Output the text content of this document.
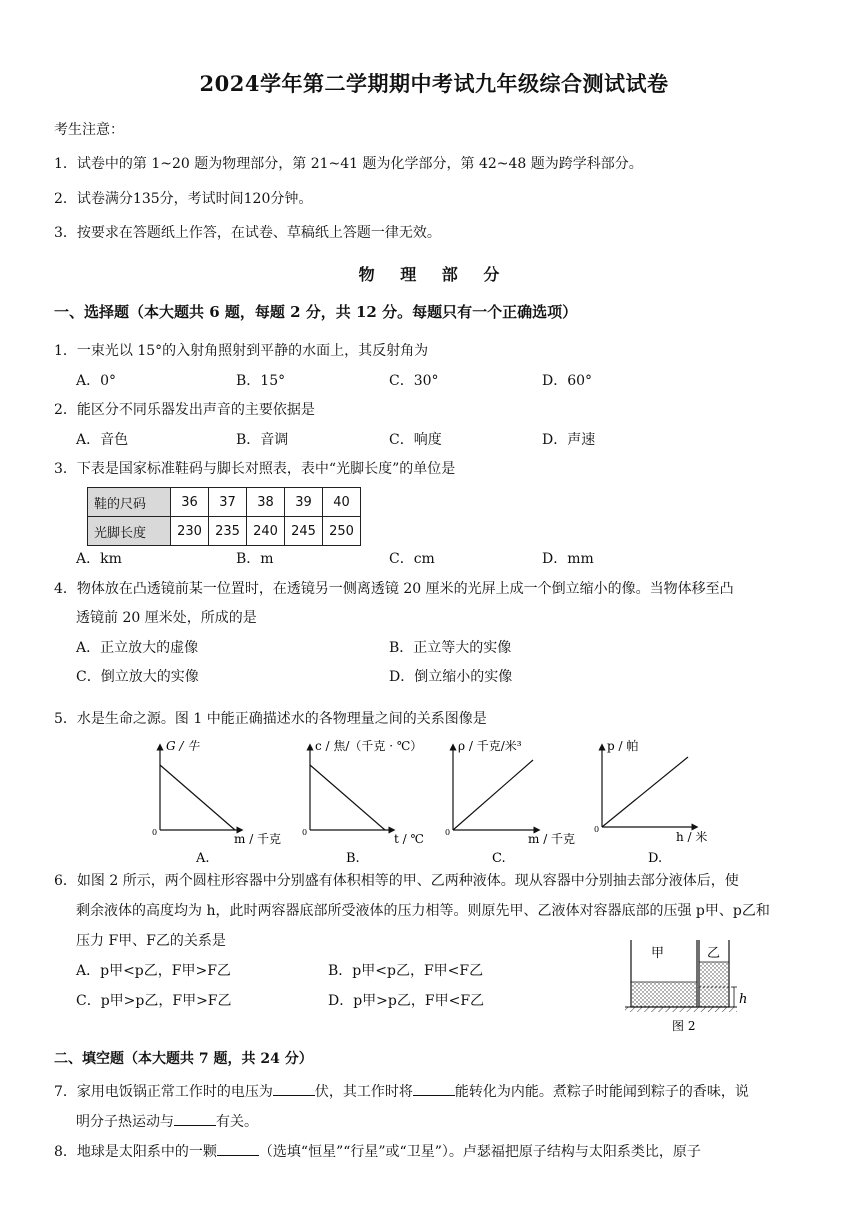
2024学年第二学期期中考试九年级综合测试试卷
考生注意：
1．试卷中的第 1~20 题为物理部分，第 21~41 题为化学部分，第 42~48 题为跨学科部分。
2．试卷满分135分，考试时间120分钟。
3．按要求在答题纸上作答，在试卷、草稿纸上答题一律无效。
物 理 部 分
一、选择题（本大题共 6 题，每题 2 分，共 12 分。每题只有一个正确选项）
1．一束光以 15°的入射角照射到平静的水面上，其反射角为
A．0°	B．15°	C．30°	D．60°
2．能区分不同乐器发出声音的主要依据是
A．音色	B．音调	C．响度	D．声速
3．下表是国家标准鞋码与脚长对照表，表中“光脚长度”的单位是
鞋的尺码	36	37	38	39	40
光脚长度	230	235	240	245	250
A．km	B．m	C．cm	D．mm
4．物体放在凸透镜前某一位置时，在透镜另一侧离透镜 20 厘米的光屏上成一个倒立缩小的像。当物体移至凸
透镜前 20 厘米处，所成的是
A．正立放大的虚像	B．正立等大的实像
C．倒立放大的实像	D．倒立缩小的实像
5．水是生命之源。图 1 中能正确描述水的各物理量之间的关系图像是
G / 牛
m / 千克
0
A.
c / 焦/（千克 · ℃）
t / ℃
0
B.
ρ / 千克/米³
m / 千克
0
C.
p / 帕
h / 米
0
D.
6．如图 2 所示，两个圆柱形容器中分别盛有体积相等的甲、乙两种液体。现从容器中分别抽去部分液体后，使
剩余液体的高度均为 h，此时两容器底部所受液体的压力相等。则原先甲、乙液体对容器底部的压强 p甲、p乙和
压力 F甲、F乙的关系是
A．p甲<p乙，F甲>F乙	B．p甲<p乙，F甲<F乙
C．p甲>p乙，F甲>F乙	D．p甲>p乙，F甲<F乙
甲	乙
h
图 2
二、填空题（本大题共 7 题，共 24 分）
7．家用电饭锅正常工作时的电压为	伏，其工作时将	能转化为内能。煮粽子时能闻到粽子的香味，说
明分子热运动与	有关。
8．地球是太阳系中的一颗	（选填“恒星”“行星”或“卫星”）。卢瑟福把原子结构与太阳系类比，原子
